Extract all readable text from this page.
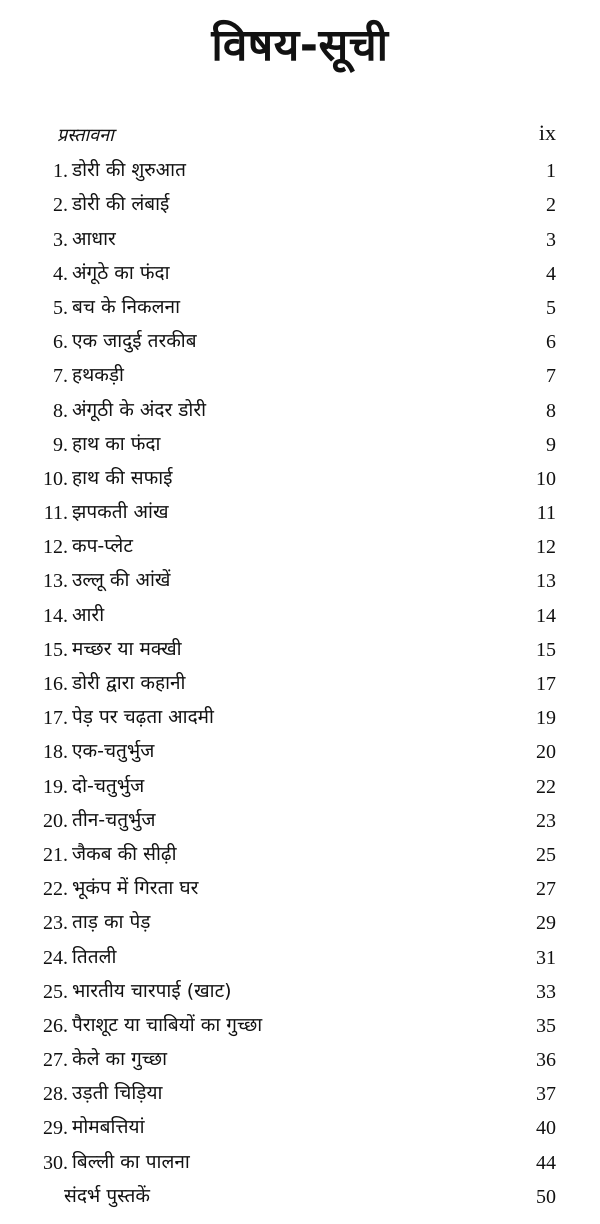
विषय-सूची
प्रस्तावना	ix
1. डोरी की शुरुआत	1
2. डोरी की लंबाई	2
3. आधार	3
4. अंगूठे का फंदा	4
5. बच के निकलना	5
6. एक जादुई तरकीब	6
7. हथकड़ी	7
8. अंगूठी के अंदर डोरी	8
9. हाथ का फंदा	9
10. हाथ की सफाई	10
11. झपकती आंख	11
12. कप-प्लेट	12
13. उल्लू की आंखें	13
14. आरी	14
15. मच्छर या मक्खी	15
16. डोरी द्वारा कहानी	17
17. पेड़ पर चढ़ता आदमी	19
18. एक-चतुर्भुज	20
19. दो-चतुर्भुज	22
20. तीन-चतुर्भुज	23
21. जैकब की सीढ़ी	25
22. भूकंप में गिरता घर	27
23. ताड़ का पेड़	29
24. तितली	31
25. भारतीय चारपाई (खाट)	33
26. पैराशूट या चाबियों का गुच्छा	35
27. केले का गुच्छा	36
28. उड़ती चिड़िया	37
29. मोमबत्तियां	40
30. बिल्ली का पालना	44
संदर्भ पुस्तकें	50
